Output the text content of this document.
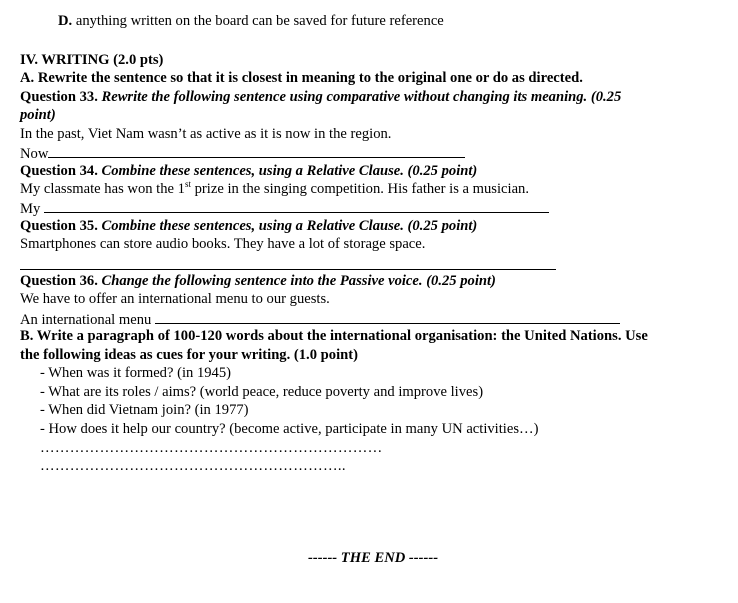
D. anything written on the board can be saved for future reference
IV. WRITING (2.0 pts)
A. Rewrite the sentence so that it is closest in meaning to the original one or do as directed.
Question 33. Rewrite the following sentence using comparative without changing its meaning. (0.25
point)
In the past, Viet Nam wasn’t as active as it is now in the region.
Now
Question 34. Combine these sentences, using a Relative Clause. (0.25 point)
My classmate has won the 1st prize in the singing competition. His father is a musician.
My
Question 35. Combine these sentences, using a Relative Clause. (0.25 point)
Smartphones can store audio books. They have a lot of storage space.
Question 36. Change the following sentence into the Passive voice. (0.25 point)
We have to offer an international menu to our guests.
An international menu
B. Write a paragraph of 100-120 words about the international organisation: the United Nations. Use
the following ideas as cues for your writing. (1.0 point)
- When was it formed? (in 1945)
- What are its roles / aims? (world peace, reduce poverty and improve lives)
- When did Vietnam join? (in 1977)
- How does it help our country? (become active, participate in many UN activities…)
……………………………………………………………
……………………………………………………..
------ THE END ------
